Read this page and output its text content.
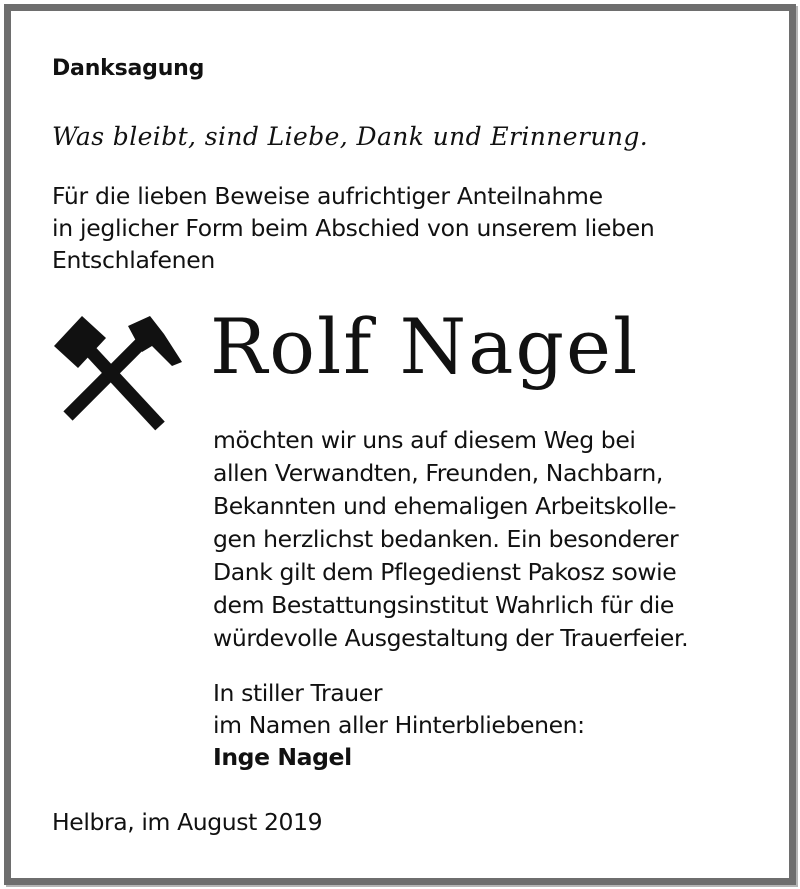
Danksagung
Was bleibt, sind Liebe, Dank und Erinnerung.
Für die lieben Beweise aufrichtiger Anteilnahme
in jeglicher Form beim Abschied von unserem lieben
Entschlafenen
Rolf Nagel
möchten wir uns auf diesem Weg bei
allen Verwandten, Freunden, Nachbarn,
Bekannten und ehemaligen Arbeitskolle-
gen herzlichst bedanken. Ein besonderer
Dank gilt dem Pflegedienst Pakosz sowie
dem Bestattungsinstitut Wahrlich für die
würdevolle Ausgestaltung der Trauerfeier.
In stiller Trauer
im Namen aller Hinterbliebenen:
Inge Nagel
Helbra, im August 2019
